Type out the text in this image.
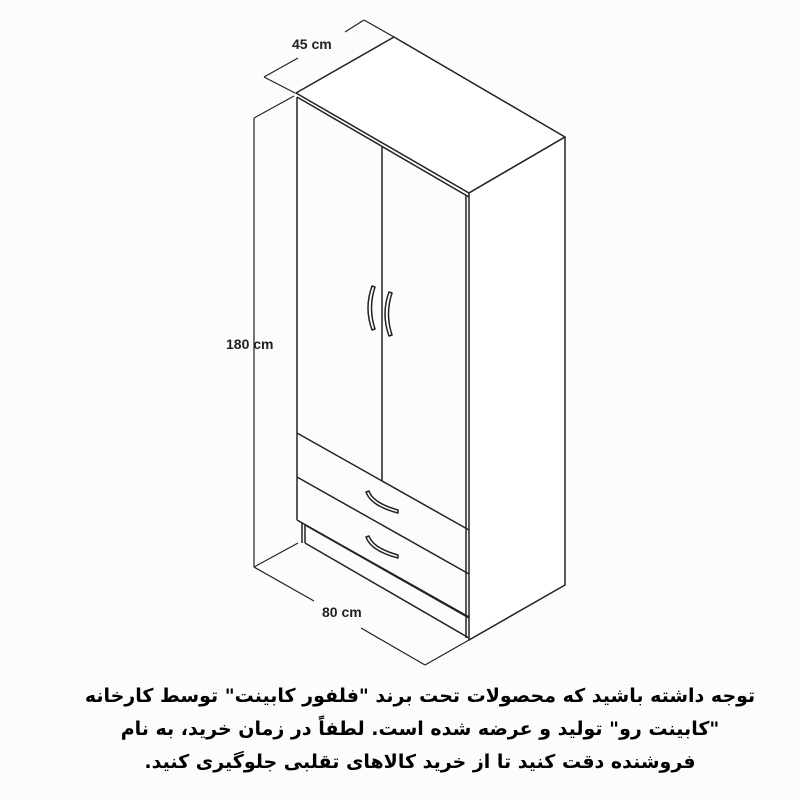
45 cm
180 cm
80 cm
توجه داشته باشید که محصولات تحت برند "فلفور کابینت" توسط کارخانه
"کابینت رو" تولید و عرضه شده است. لطفاً در زمان خرید، به نام
فروشنده دقت کنید تا از خرید کالاهای تقلبی جلوگیری کنید.
